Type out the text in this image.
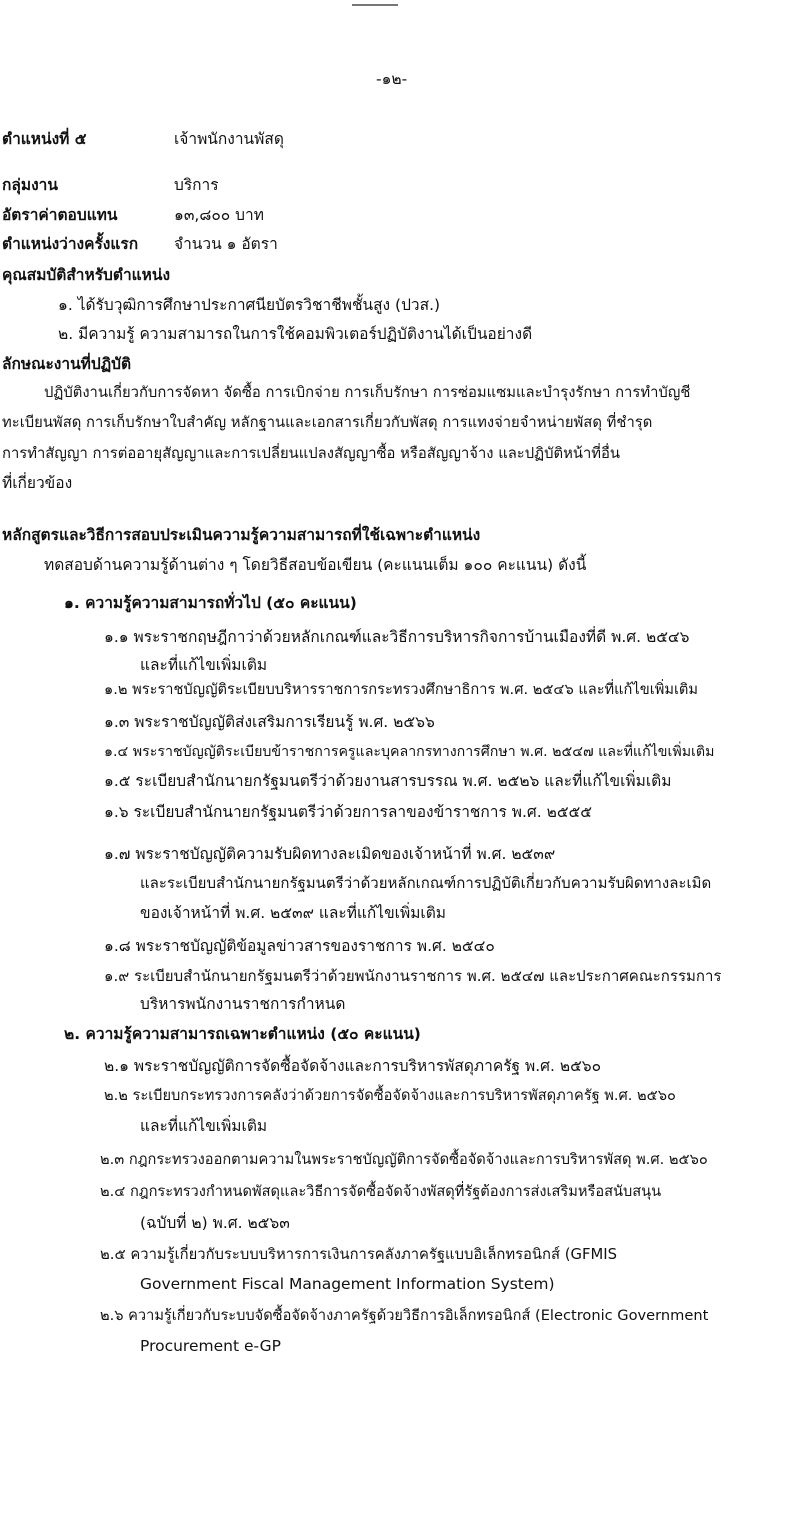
-๑๒-
ตำแหน่งที่ ๕	เจ้าพนักงานพัสดุ
กลุ่มงาน	บริการ
อัตราค่าตอบแทน	๑๓,๘๐๐ บาท
ตำแหน่งว่างครั้งแรก จำนวน ๑ อัตรา
คุณสมบัติสำหรับตำแหน่ง
๑. ได้รับวุฒิการศึกษาประกาศนียบัตรวิชาชีพชั้นสูง (ปวส.)
๒. มีความรู้ ความสามารถในการใช้คอมพิวเตอร์ปฏิบัติงานได้เป็นอย่างดี
ลักษณะงานที่ปฏิบัติ
ปฏิบัติงานเกี่ยวกับการจัดหา จัดซื้อ การเบิกจ่าย การเก็บรักษา การซ่อมแซมและบำรุงรักษา การทำบัญชี
ทะเบียนพัสดุ การเก็บรักษาใบสำคัญ หลักฐานและเอกสารเกี่ยวกับพัสดุ การแทงจ่ายจำหน่ายพัสดุ ที่ชำรุด
การทำสัญญา การต่ออายุสัญญาและการเปลี่ยนแปลงสัญญาซื้อ หรือสัญญาจ้าง และปฏิบัติหน้าที่อื่น
ที่เกี่ยวข้อง
หลักสูตรและวิธีการสอบประเมินความรู้ความสามารถที่ใช้เฉพาะตำแหน่ง
ทดสอบด้านความรู้ด้านต่าง ๆ โดยวิธีสอบข้อเขียน (คะแนนเต็ม ๑๐๐ คะแนน) ดังนี้
๑. ความรู้ความสามารถทั่วไป (๕๐ คะแนน)
๑.๑ พระราชกฤษฎีกาว่าด้วยหลักเกณฑ์และวิธีการบริหารกิจการบ้านเมืองที่ดี พ.ศ. ๒๕๔๖
และที่แก้ไขเพิ่มเติม
๑.๒ พระราชบัญญัติระเบียบบริหารราชการกระทรวงศึกษาธิการ พ.ศ. ๒๕๔๖ และที่แก้ไขเพิ่มเติม
๑.๓ พระราชบัญญัติส่งเสริมการเรียนรู้ พ.ศ. ๒๕๖๖
๑.๔ พระราชบัญญัติระเบียบข้าราชการครูและบุคลากรทางการศึกษา พ.ศ. ๒๕๔๗ และที่แก้ไขเพิ่มเติม
๑.๕ ระเบียบสำนักนายกรัฐมนตรีว่าด้วยงานสารบรรณ พ.ศ. ๒๕๒๖ และที่แก้ไขเพิ่มเติม
๑.๖ ระเบียบสำนักนายกรัฐมนตรีว่าด้วยการลาของข้าราชการ พ.ศ. ๒๕๕๕
๑.๗ พระราชบัญญัติความรับผิดทางละเมิดของเจ้าหน้าที่ พ.ศ. ๒๕๓๙
และระเบียบสำนักนายกรัฐมนตรีว่าด้วยหลักเกณฑ์การปฏิบัติเกี่ยวกับความรับผิดทางละเมิด
ของเจ้าหน้าที่ พ.ศ. ๒๕๓๙ และที่แก้ไขเพิ่มเติม
๑.๘ พระราชบัญญัติข้อมูลข่าวสารของราชการ พ.ศ. ๒๕๔๐
๑.๙ ระเบียบสำนักนายกรัฐมนตรีว่าด้วยพนักงานราชการ พ.ศ. ๒๕๔๗ และประกาศคณะกรรมการ
บริหารพนักงานราชการกำหนด
๒. ความรู้ความสามารถเฉพาะตำแหน่ง (๕๐ คะแนน)
๒.๑ พระราชบัญญัติการจัดซื้อจัดจ้างและการบริหารพัสดุภาครัฐ พ.ศ. ๒๕๖๐
๒.๒ ระเบียบกระทรวงการคลังว่าด้วยการจัดซื้อจัดจ้างและการบริหารพัสดุภาครัฐ พ.ศ. ๒๕๖๐
และที่แก้ไขเพิ่มเติม
๒.๓ กฎกระทรวงออกตามความในพระราชบัญญัติการจัดซื้อจัดจ้างและการบริหารพัสดุ พ.ศ. ๒๕๖๐
๒.๔ กฎกระทรวงกำหนดพัสดุและวิธีการจัดซื้อจัดจ้างพัสดุที่รัฐต้องการส่งเสริมหรือสนับสนุน
(ฉบับที่ ๒) พ.ศ. ๒๕๖๓
๒.๕ ความรู้เกี่ยวกับระบบบริหารการเงินการคลังภาครัฐแบบอิเล็กทรอนิกส์ (GFMIS
Government Fiscal Management Information System)
๒.๖ ความรู้เกี่ยวกับระบบจัดซื้อจัดจ้างภาครัฐด้วยวิธีการอิเล็กทรอนิกส์ (Electronic Government
Procurement e-GP
